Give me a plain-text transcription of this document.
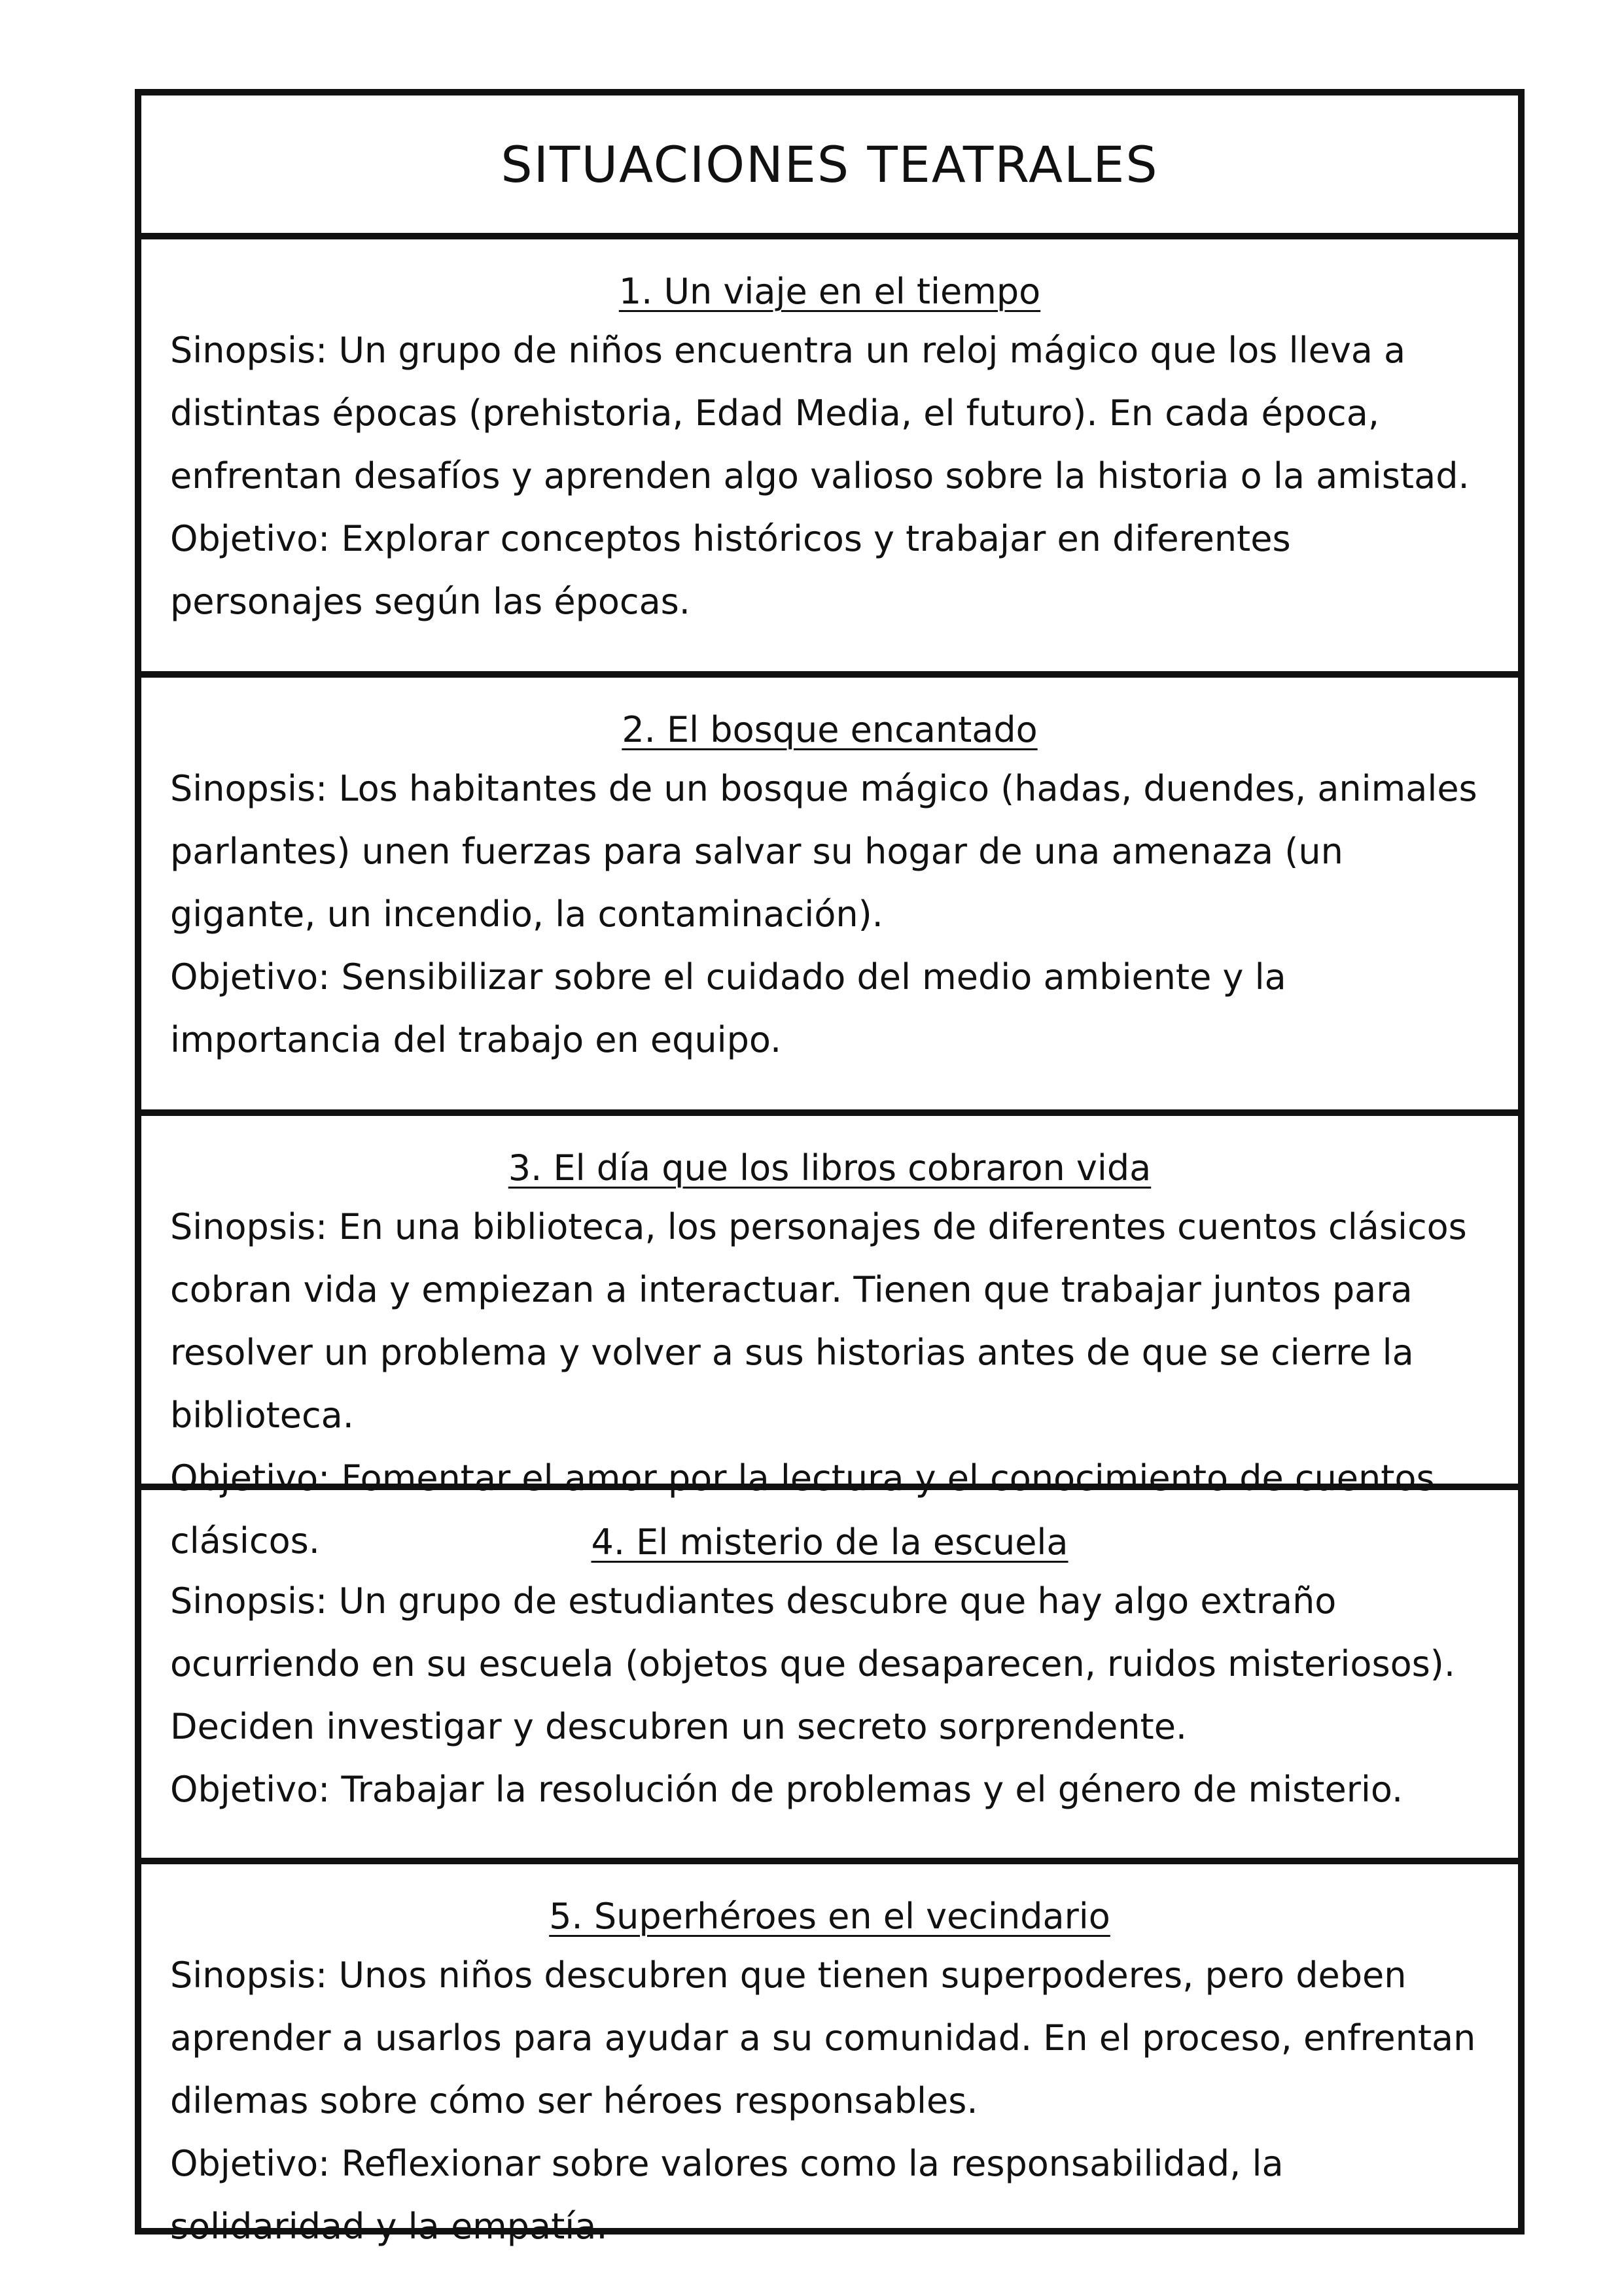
SITUACIONES TEATRALES

1. Un viaje en el tiempo

Sinopsis: Un grupo de niños encuentra un reloj mágico que los lleva a distintas épocas (prehistoria, Edad Media, el futuro). En cada época, enfrentan desafíos y aprenden algo valioso sobre la historia o la amistad.

Objetivo: Explorar conceptos históricos y trabajar en diferentes personajes según las épocas.

2. El bosque encantado

Sinopsis: Los habitantes de un bosque mágico (hadas, duendes, animales parlantes) unen fuerzas para salvar su hogar de una amenaza (un gigante, un incendio, la contaminación).

Objetivo: Sensibilizar sobre el cuidado del medio ambiente y la importancia del trabajo en equipo.

3. El día que los libros cobraron vida

Sinopsis: En una biblioteca, los personajes de diferentes cuentos clásicos cobran vida y empiezan a interactuar. Tienen que trabajar juntos para resolver un problema y volver a sus historias antes de que se cierre la biblioteca.

Objetivo: Fomentar el amor por la lectura y el conocimiento de cuentos clásicos.	4. El misterio de la escuela

Sinopsis: Un grupo de estudiantes descubre que hay algo extraño ocurriendo en su escuela (objetos que desaparecen, ruidos misteriosos). Deciden investigar y descubren un secreto sorprendente.

Objetivo: Trabajar la resolución de problemas y el género de misterio.

5. Superhéroes en el vecindario

Sinopsis: Unos niños descubren que tienen superpoderes, pero deben aprender a usarlos para ayudar a su comunidad. En el proceso, enfrentan dilemas sobre cómo ser héroes responsables.

Objetivo: Reflexionar sobre valores como la responsabilidad, la solidaridad y la empatía.
